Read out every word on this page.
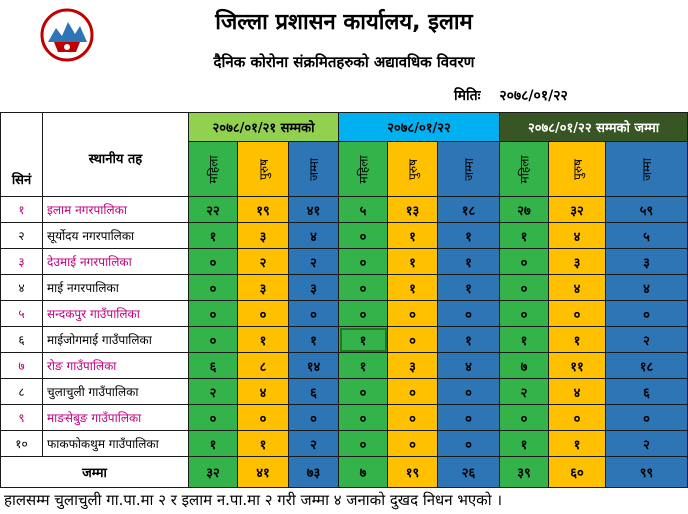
जिल्ला प्रशासन कार्यालय, इलाम
दैनिक कोरोना संक्रमितहरुको अद्यावधिक विवरण
मितिः २०७८/०१/२२
सिनं	स्थानीय तह	२०७८/०१/२१ सम्मको			२०७८/०१/२२			२०७८/०१/२२ सम्मको जम्मा		
		महिला	पुरुष	जम्मा	महिला	पुरुष	जम्मा	महिला	पुरुष	जम्मा
१	इलाम नगरपालिका	२२	१९	४१	५	१३	१८	२७	३२	५९
२	सूर्योदय नगरपालिका	१	३	४	०	१	१	१	४	५
३	देउमाई नगरपालिका	०	२	२	०	१	१	०	३	३
४	माई नगरपालिका	०	३	३	०	१	१	०	४	४
५	सन्दकपुर गाउँपालिका	०	०	०	०	०	०	०	०	०
६	माईजोगमाई गाउँपालिका	०	१	१	१	०	१	१	१	२
७	रोङ गाउँपालिका	६	८	१४	१	३	४	७	११	१८
८	चुलाचुली गाउँपालिका	२	४	६	०	०	०	२	४	६
९	माङसेबुङ गाउँपालिका	०	०	०	०	०	०	०	०	०
१०	फाकफोकथुम गाउँपालिका	१	१	२	०	०	०	१	१	२
जम्मा		३२	४१	७३	७	१९	२६	३९	६०	९९
हालसम्म चुलाचुली गा.पा.मा २ र इलाम न.पा.मा २ गरी जम्मा ४ जनाको दुखद निधन भएको ।
